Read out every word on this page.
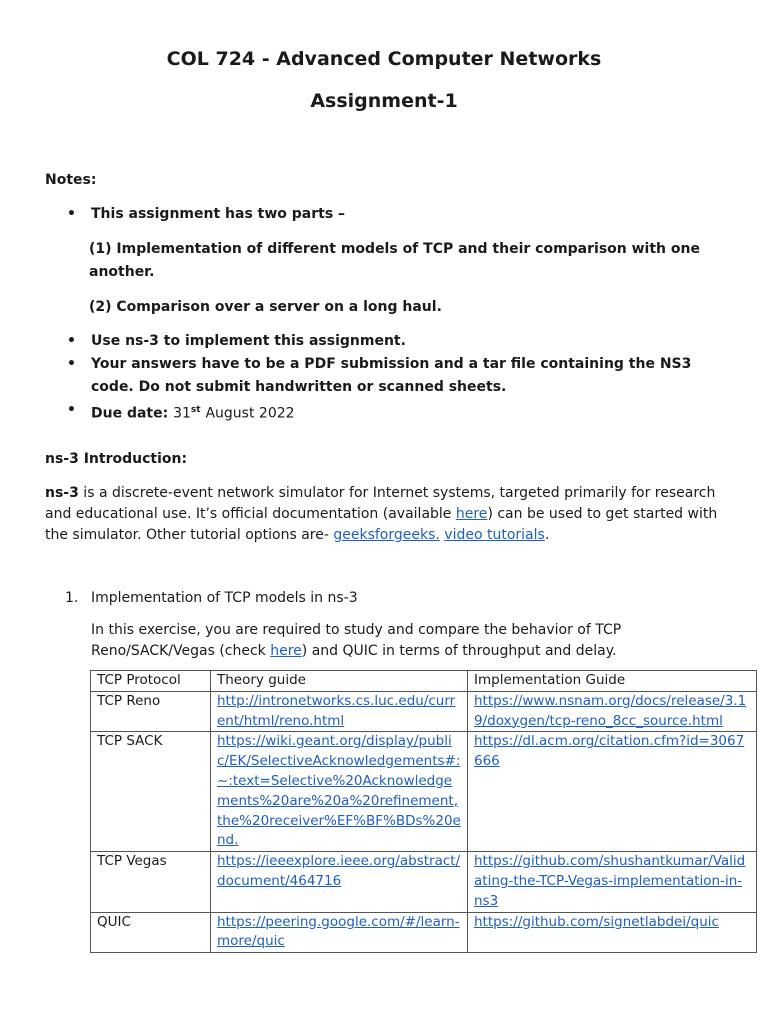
COL 724 - Advanced Computer Networks
Assignment-1
Notes:
•	This assignment has two parts –
(1) Implementation of different models of TCP and their comparison with one another.
(2) Comparison over a server on a long haul.
•	Use ns-3 to implement this assignment.
•	Your answers have to be a PDF submission and a tar file containing the NS3 code. Do not submit handwritten or scanned sheets.
•	Due date: 31st August 2022
ns-3 Introduction:
ns-3 is a discrete-event network simulator for Internet systems, targeted primarily for research and educational use. It’s official documentation (available here) can be used to get started with the simulator. Other tutorial options are- geeksforgeeks. video tutorials.
1. Implementation of TCP models in ns-3
In this exercise, you are required to study and compare the behavior of TCP Reno/SACK/Vegas (check here) and QUIC in terms of throughput and delay.
TCP Protocol	Theory guide	Implementation Guide
TCP Reno	http://intronetworks.cs.luc.edu/current/html/reno.html	https://www.nsnam.org/docs/release/3.19/doxygen/tcp-reno_8cc_source.html
TCP SACK	https://wiki.geant.org/display/public/EK/SelectiveAcknowledgements#:~:text=Selective%20Acknowledgements%20are%20a%20refinement,the%20receiver%EF%BF%BDs%20end.	https://dl.acm.org/citation.cfm?id=3067666
TCP Vegas	https://ieeexplore.ieee.org/abstract/document/464716	https://github.com/shushantkumar/Validating-the-TCP-Vegas-implementation-in-ns3
QUIC	https://peering.google.com/#/learn-more/quic	https://github.com/signetlabdei/quic
